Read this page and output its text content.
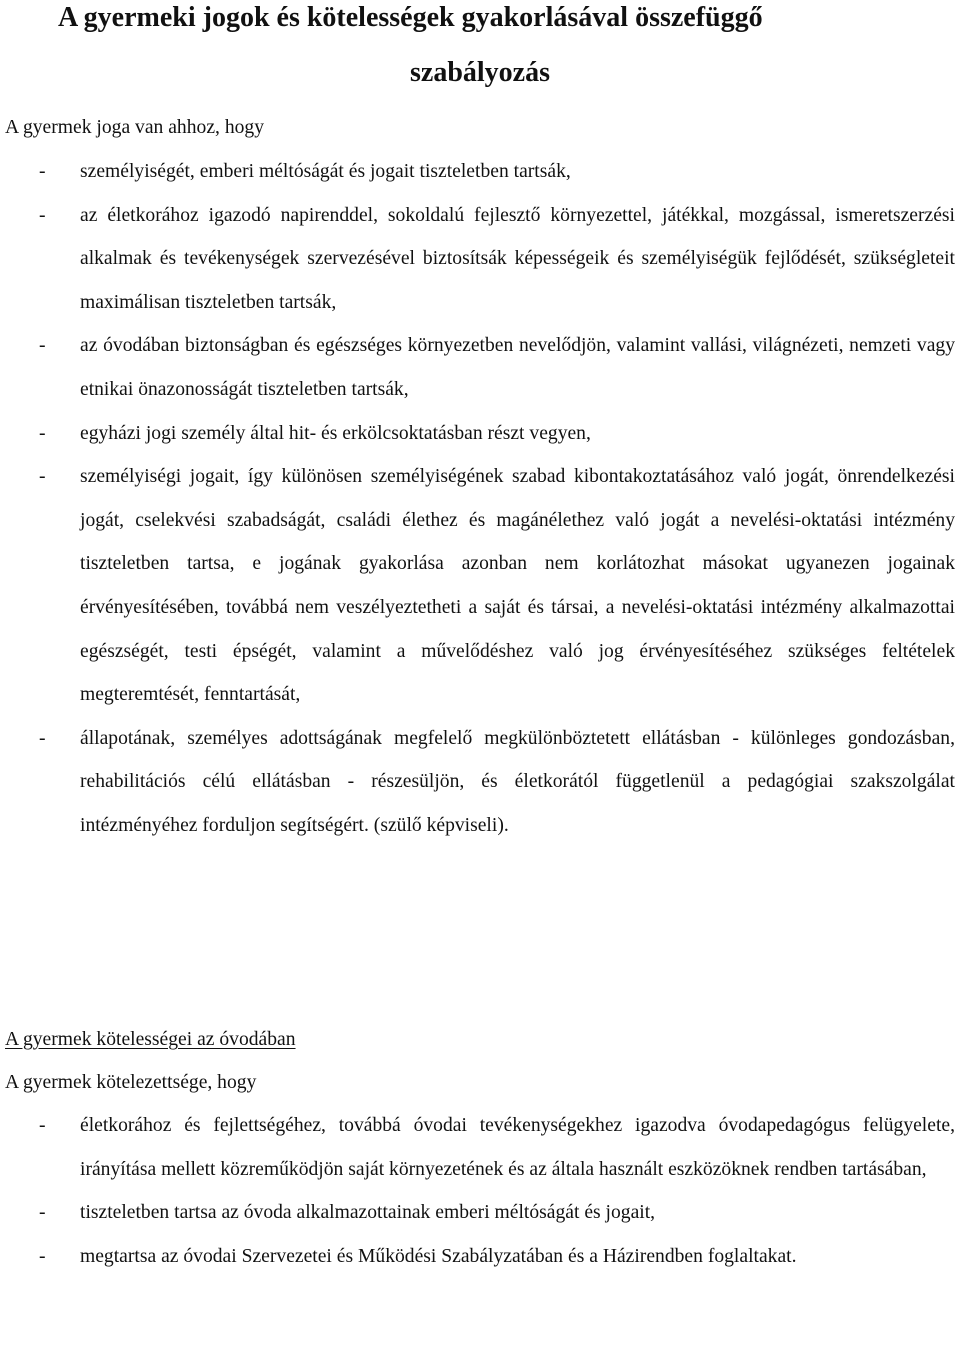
A gyermeki jogok és kötelességek gyakorlásával összefüggő
szabályozás
A gyermek joga van ahhoz, hogy
- személyiségét, emberi méltóságát és jogait tiszteletben tartsák,
- az életkorához igazodó napirenddel, sokoldalú fejlesztő környezettel, játékkal, mozgással, ismeretszerzési alkalmak és tevékenységek szervezésével biztosítsák képességeik és személyiségük fejlődését, szükségleteit maximálisan tiszteletben tartsák,
- az óvodában biztonságban és egészséges környezetben nevelődjön, valamint vallási, világnézeti, nemzeti vagy etnikai önazonosságát tiszteletben tartsák,
- egyházi jogi személy által hit- és erkölcsoktatásban részt vegyen,
- személyiségi jogait, így különösen személyiségének szabad kibontakoztatásához való jogát, önrendelkezési jogát, cselekvési szabadságát, családi élethez és magánélethez való jogát a nevelési-oktatási intézmény tiszteletben tartsa, e jogának gyakorlása azonban nem korlátozhat másokat ugyanezen jogainak érvényesítésében, továbbá nem veszélyeztetheti a saját és társai, a nevelési-oktatási intézmény alkalmazottai egészségét, testi épségét, valamint a művelődéshez való jog érvényesítéséhez szükséges feltételek megteremtését, fenntartását,
- állapotának, személyes adottságának megfelelő megkülönböztetett ellátásban - különleges gondozásban, rehabilitációs célú ellátásban - részesüljön, és életkorától függetlenül a pedagógiai szakszolgálat intézményéhez forduljon segítségért. (szülő képviseli).
A gyermek kötelességei az óvodában
A gyermek kötelezettsége, hogy
- életkorához és fejlettségéhez, továbbá óvodai tevékenységekhez igazodva óvodapedagógus felügyelete, irányítása mellett közreműködjön saját környezetének és az általa használt eszközöknek rendben tartásában,
- tiszteletben tartsa az óvoda alkalmazottainak emberi méltóságát és jogait,
- megtartsa az óvodai Szervezetei és Működési Szabályzatában és a Házirendben foglaltakat.
